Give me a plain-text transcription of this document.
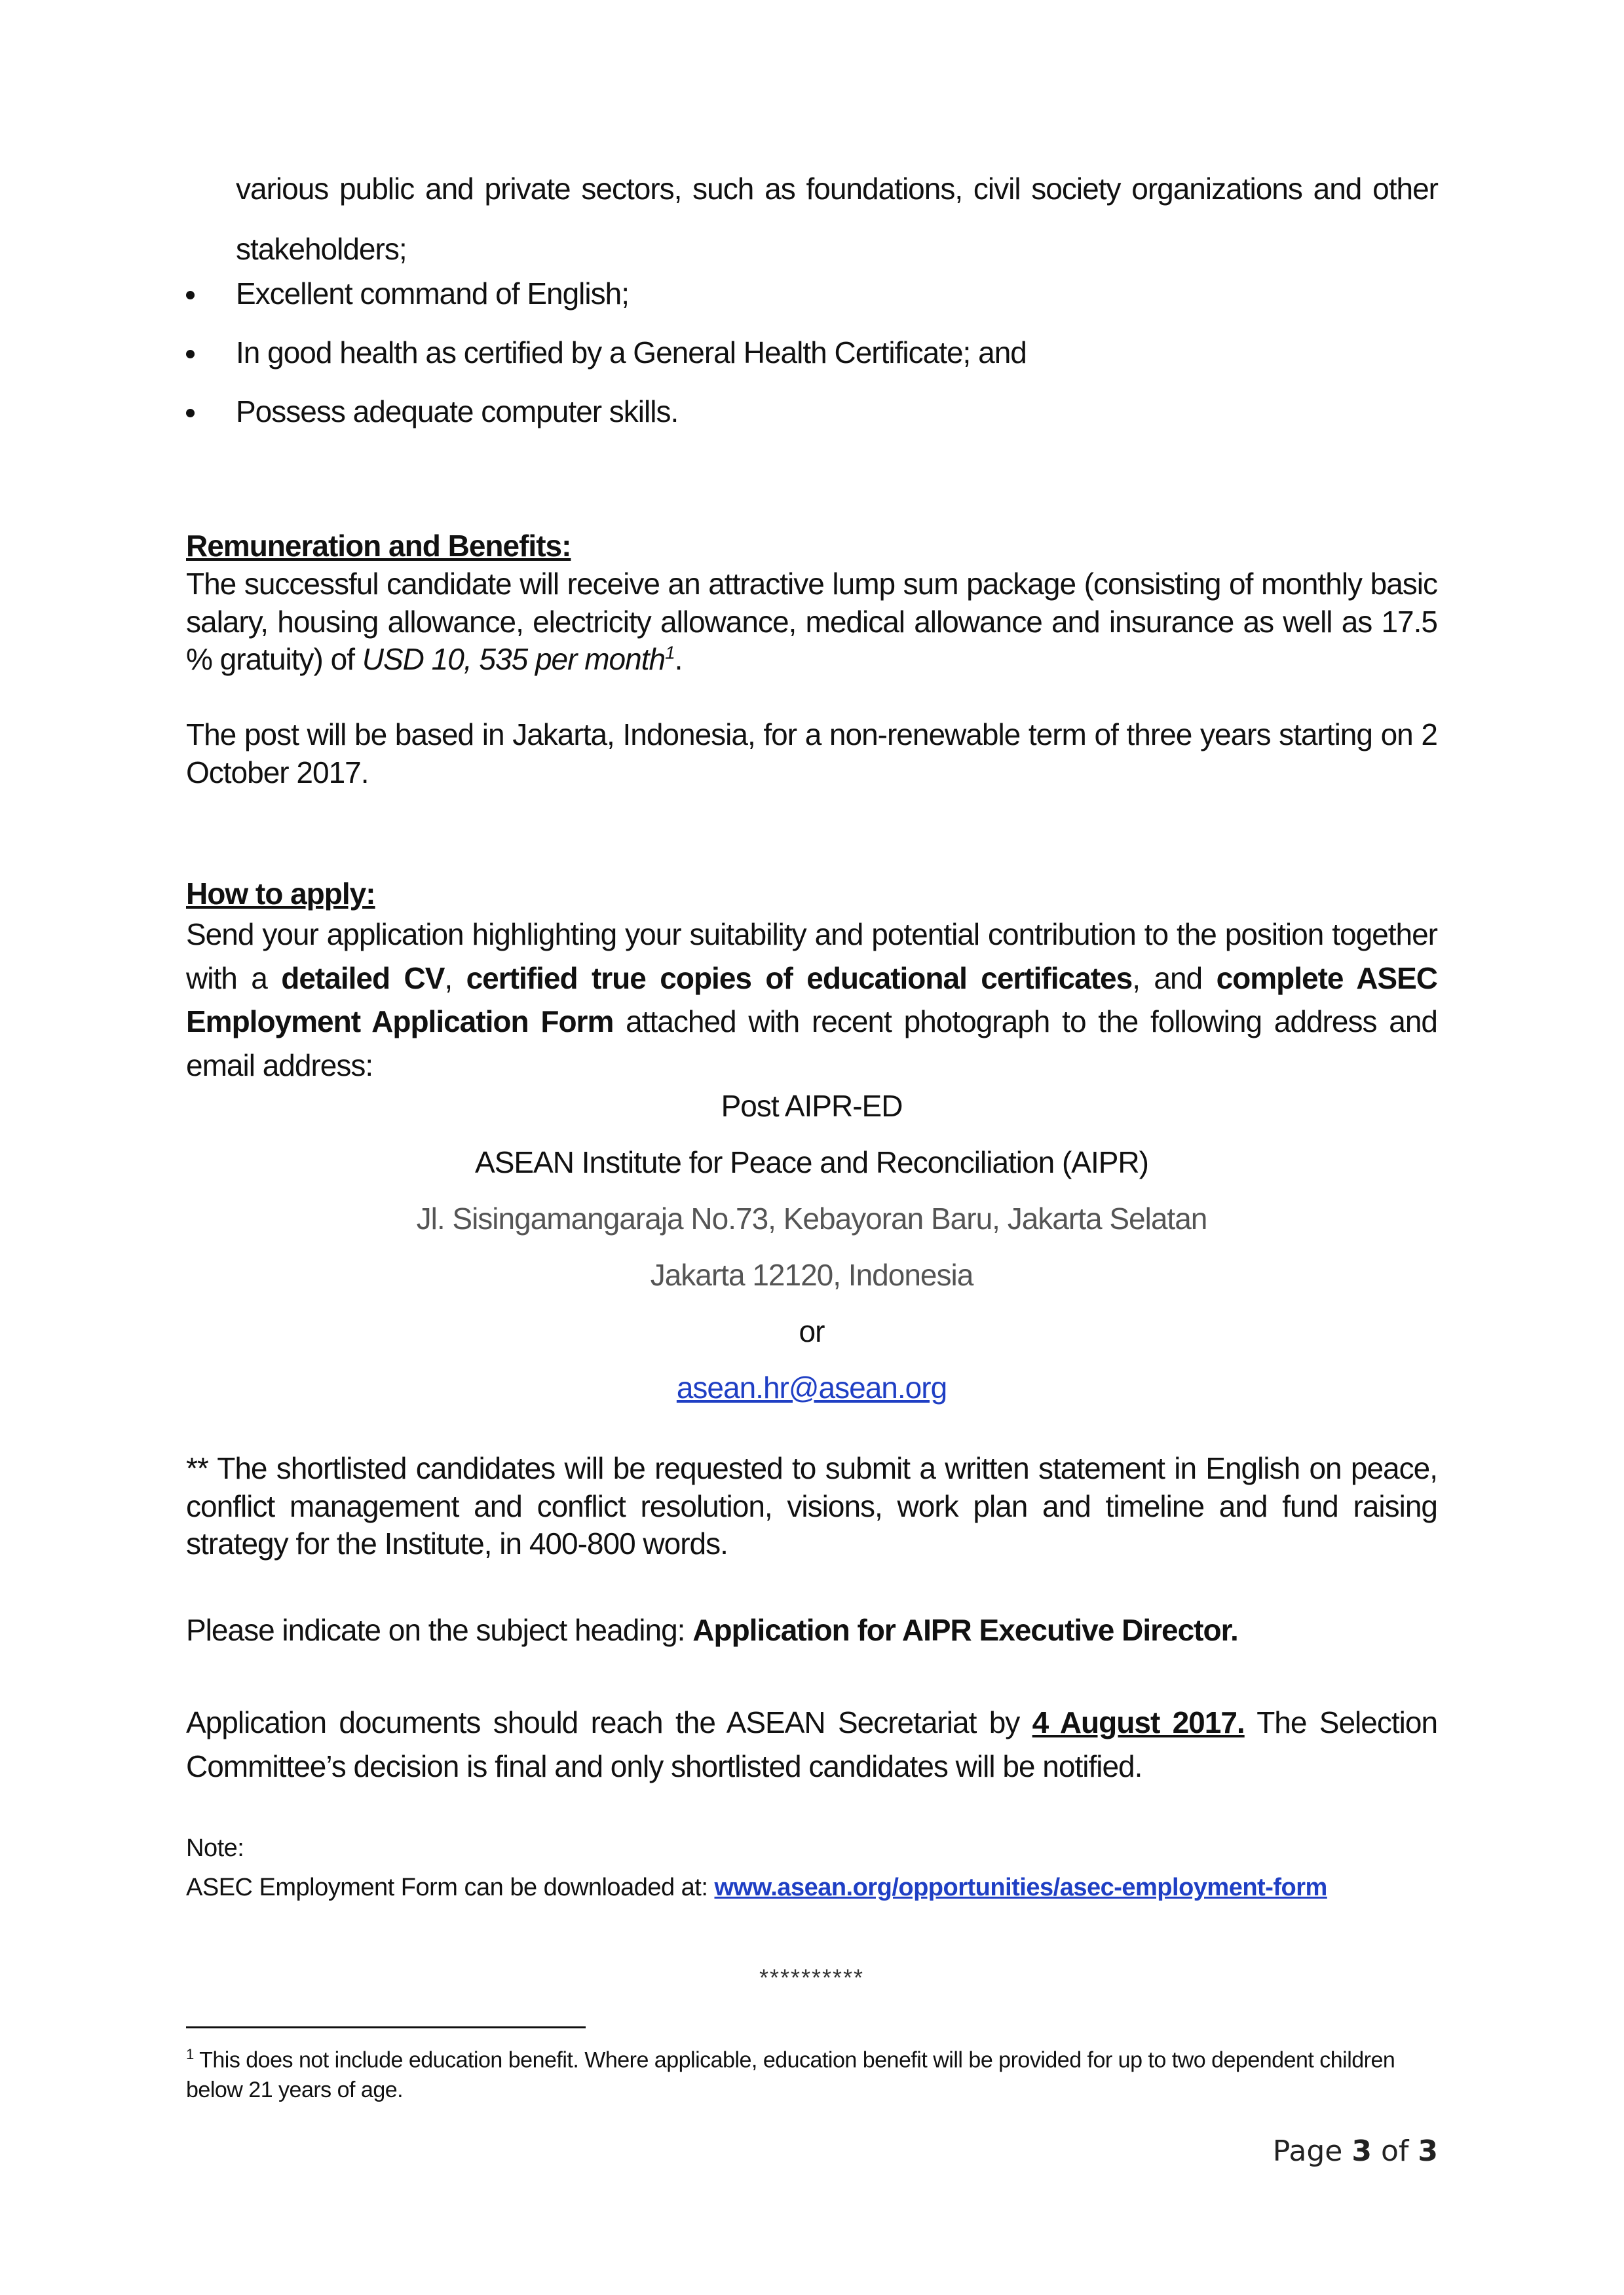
various public and private sectors, such as foundations, civil society organizations and other stakeholders;
Excellent command of English;
In good health as certified by a General Health Certificate; and
Possess adequate computer skills.
Remuneration and Benefits:
The successful candidate will receive an attractive lump sum package (consisting of monthly basic salary, housing allowance, electricity allowance, medical allowance and insurance as well as 17.5 % gratuity) of USD 10, 535 per month$^1$.
The post will be based in Jakarta, Indonesia, for a non-renewable term of three years starting on 2 October 2017.
How to apply:
Send your application highlighting your suitability and potential contribution to the position together with a detailed CV, certified true copies of educational certificates, and complete ASEC Employment Application Form attached with recent photograph to the following address and email address:
Post AIPR-ED
ASEAN Institute for Peace and Reconciliation (AIPR)
Jl. Sisingamangaraja No.73, Kebayoran Baru, Jakarta Selatan
Jakarta 12120, Indonesia
or
asean.hr@asean.org
** The shortlisted candidates will be requested to submit a written statement in English on peace, conflict management and conflict resolution, visions, work plan and timeline and fund raising strategy for the Institute, in 400-800 words.
Please indicate on the subject heading: Application for AIPR Executive Director.
Application documents should reach the ASEAN Secretariat by 4 August 2017. The Selection Committee’s decision is final and only shortlisted candidates will be notified.
Note:
ASEC Employment Form can be downloaded at: www.asean.org/opportunities/asec-employment-form
**********
$^1$ This does not include education benefit. Where applicable, education benefit will be provided for up to two dependent children below 21 years of age.
Page 3 of 3
